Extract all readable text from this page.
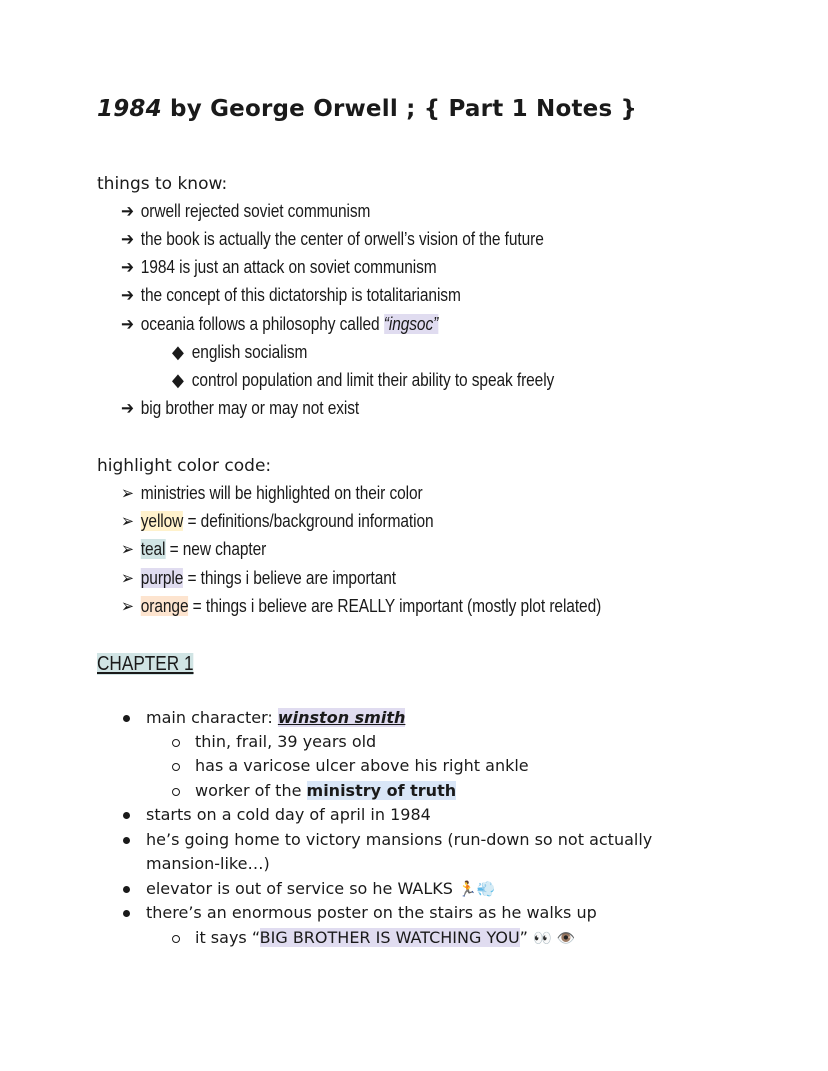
1984 by George Orwell ; { Part 1 Notes }
things to know:
➔ orwell rejected soviet communism
➔ the book is actually the center of orwell’s vision of the future
➔ 1984 is just an attack on soviet communism
➔ the concept of this dictatorship is totalitarianism
➔ oceania follows a philosophy called “ingsoc”
◆ english socialism
◆ control population and limit their ability to speak freely
➔ big brother may or may not exist
highlight color code:
➢ ministries will be highlighted on their color
➢ yellow = definitions/background information
➢ teal = new chapter
➢ purple = things i believe are important
➢ orange = things i believe are REALLY important (mostly plot related)
CHAPTER 1
main character: winston smith
thin, frail, 39 years old
has a varicose ulcer above his right ankle
worker of the ministry of truth
starts on a cold day of april in 1984
he’s going home to victory mansions (run-down so not actually
mansion-like…)
elevator is out of service so he WALKS 🏃💨
there’s an enormous poster on the stairs as he walks up
it says “BIG BROTHER IS WATCHING YOU” 👀 👁️
